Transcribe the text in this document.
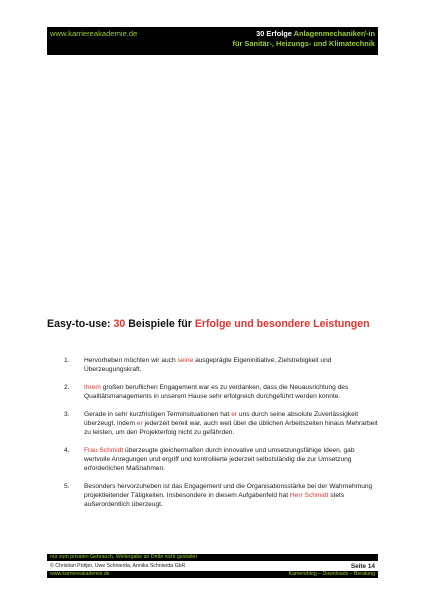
www.karriereakademie.de	30 Erfolge Anlagenmechaniker/-in
für Sanitär-, Heizungs- und Klimatechnik
Easy-to-use: 30 Beispiele für Erfolge und besondere Leistungen
1. Hervorheben möchten wir auch seine ausgeprägte Eigeninitiative, Zielstrebigkeit und Überzeugungskraft.
2. Ihrem großen beruflichen Engagement war es zu verdanken, dass die Neuausrichtung des Qualitätsmanagements in unserem Hause sehr erfolgreich durchgeführt werden konnte.
3. Gerade in sehr kurzfristigen Terminsituationen hat er uns durch seine absolute Zuverlässigkeit überzeugt, indem er jederzeit bereit war, auch weit über die üblichen Arbeitszeiten hinaus Mehrarbeit zu leisten, um den Projekterfolg nicht zu gefährden.
4. Frau Schmidt überzeugte gleichermaßen durch innovative und umsetzungsfähige Ideen, gab wertvolle Anregungen und ergriff und kontrollierte jederzeit selbstständig die zur Umsetzung erforderlichen Maßnahmen.
5. Besonders hervorzuheben ist das Engagement und die Organisationsstärke bei der Wahrnehmung projektleitender Tätigkeiten. Insbesondere in diesem Aufgabenfeld hat Herr Schmidt stets außerordentlich überzeugt.
nur zum privaten Gebrauch, Weitergabe an Dritte nicht gestattet
© Christian Püttjer, Uwe Schnierda, Annika Schnierda GbR	Seite 14
www.karriereakademie.de	Karriereblog – Downloads – Beratung
